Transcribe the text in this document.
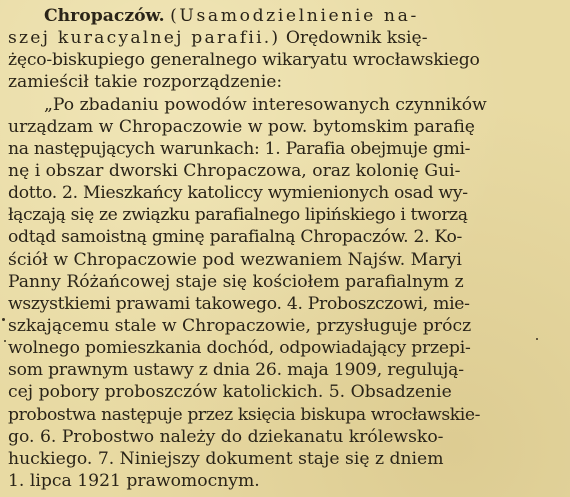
Chropaczów. (Usamodzielnienie na-
szej kuracyalnej parafii.) Orędownik księ-
żęco-biskupiego generalnego wikaryatu wrocławskiego
zamieścił takie rozporządzenie:
„Po zbadaniu powodów interesowanych czynników
urządzam w Chropaczowie w pow. bytomskim parafię
na następujących warunkach: 1. Parafia obejmuje gmi-
nę i obszar dworski Chropaczowa, oraz kolonię Gui-
dotto. 2. Mieszkańcy katoliccy wymienionych osad wy-
łączają się ze związku parafialnego lipińskiego i tworzą
odtąd samoistną gminę parafialną Chropaczów. 2. Ko-
ściół w Chropaczowie pod wezwaniem Najśw. Maryi
Panny Różańcowej staje się kościołem parafialnym z
wszystkiemi prawami takowego. 4. Proboszczowi, mie-
szkającemu stale w Chropaczowie, przysługuje prócz
wolnego pomieszkania dochód, odpowiadający przepi-
som prawnym ustawy z dnia 26. maja 1909, regulują-
cej pobory proboszczów katolickich. 5. Obsadzenie
probostwa następuje przez księcia biskupa wrocławskie-
go. 6. Probostwo należy do dziekanatu królewsko-
huckiego. 7. Niniejszy dokument staje się z dniem
1. lipca 1921 prawomocnym.
